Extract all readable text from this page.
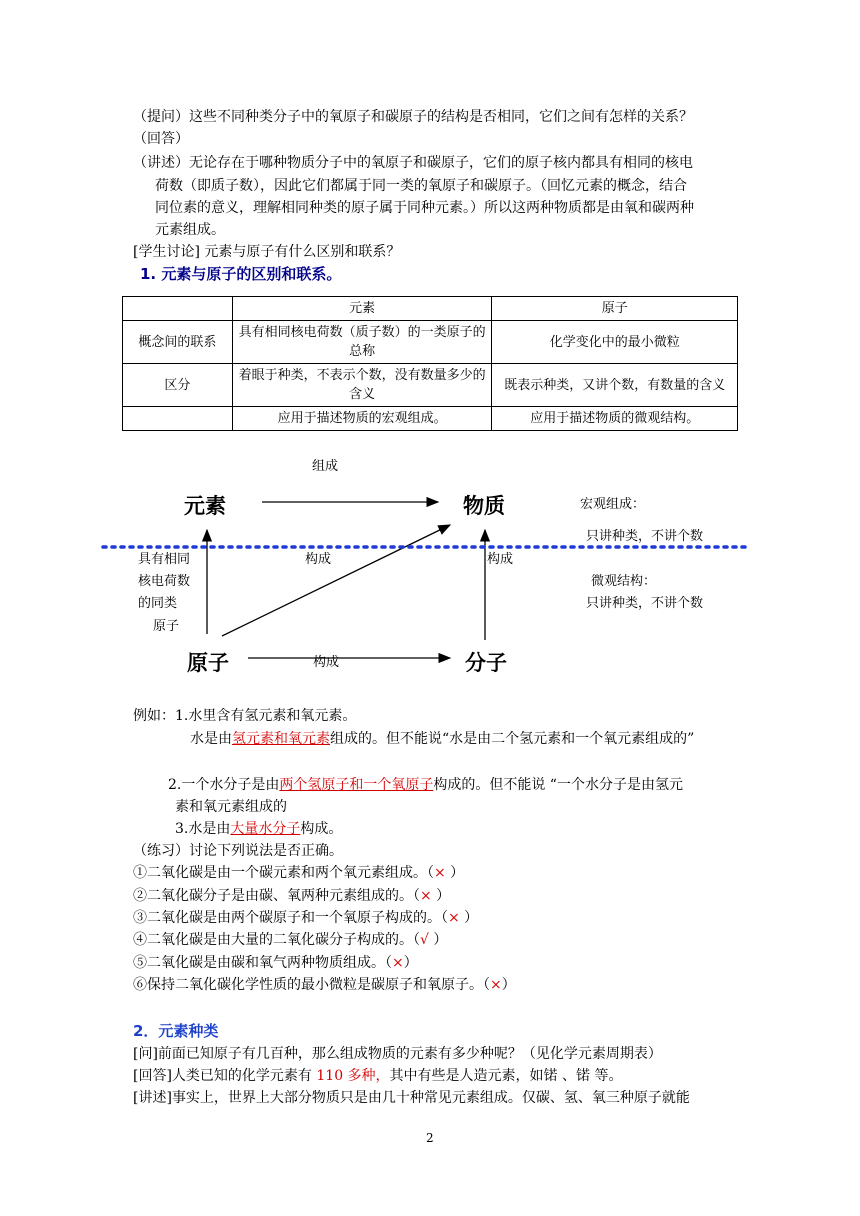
（提问）这些不同种类分子中的氧原子和碳原子的结构是否相同，它们之间有怎样的关系？
（回答）
（讲述）无论存在于哪种物质分子中的氧原子和碳原子，它们的原子核内都具有相同的核电
荷数（即质子数），因此它们都属于同一类的氧原子和碳原子。（回忆元素的概念，结合
同位素的意义，理解相同种类的原子属于同种元素。）所以这两种物质都是由氧和碳两种
元素组成。
[学生讨论] 元素与原子有什么区别和联系？
1. 元素与原子的区别和联系。
	元素	原子
概念间的联系	具有相同核电荷数（质子数）的一类原子的总称	化学变化中的最小微粒
区分	着眼于种类，不表示个数，没有数量多少的含义	既表示种类，又讲个数，有数量的含义
	应用于描述物质的宏观组成。	应用于描述物质的微观结构。
组成
元素	物质	宏观组成：
只讲种类，不讲个数
具有相同
核电荷数
的同类
原子
构成	构成
微观结构：
只讲种类，不讲个数
原子	构成	分子
例如：1.水里含有氢元素和氧元素。
水是由氢元素和氧元素组成的。但不能说“水是由二个氢元素和一个氧元素组成的”
2.一个水分子是由两个氢原子和一个氧原子构成的。但不能说 “一个水分子是由氢元
素和氧元素组成的
3.水是由大量水分子构成。
（练习）讨论下列说法是否正确。
①二氧化碳是由一个碳元素和两个氧元素组成。（× ）
②二氧化碳分子是由碳、氧两种元素组成的。（× ）
③二氧化碳是由两个碳原子和一个氧原子构成的。（× ）
④二氧化碳是由大量的二氧化碳分子构成的。（√ ）
⑤二氧化碳是由碳和氧气两种物质组成。（×）
⑥保持二氧化碳化学性质的最小微粒是碳原子和氧原子。（×）
2．元素种类
[问]前面已知原子有几百种，那么组成物质的元素有多少种呢？（见化学元素周期表）
[回答]人类已知的化学元素有 110 多种，其中有些是人造元素，如锘 、锘 等。
[讲述]事实上，世界上大部分物质只是由几十种常见元素组成。仅碳、氢、氧三种原子就能
2
